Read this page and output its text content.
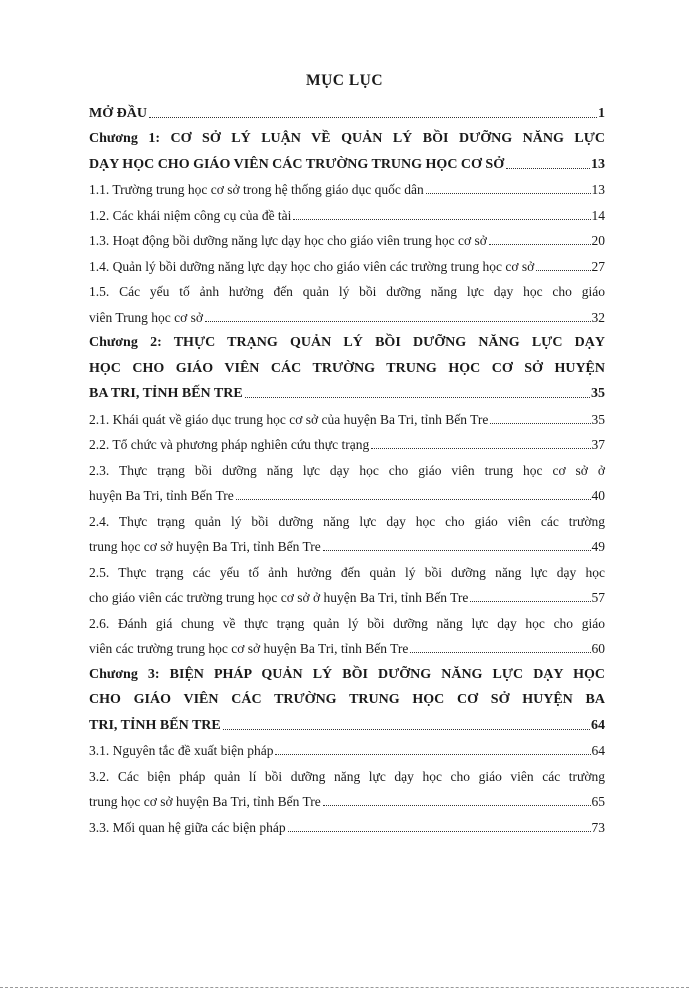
MỤC LỤC
MỞ ĐẦU	1
Chương 1: CƠ SỞ LÝ LUẬN VỀ QUẢN LÝ BỒI DƯỠNG NĂNG LỰC
DẠY HỌC CHO GIÁO VIÊN CÁC TRƯỜNG TRUNG HỌC CƠ SỞ	13
1.1. Trường trung học cơ sở trong hệ thống giáo dục quốc dân	13
1.2. Các khái niệm công cụ của đề tài	14
1.3. Hoạt động bồi dưỡng năng lực dạy học cho giáo viên trung học cơ sở	20
1.4. Quản lý bồi dưỡng năng lực dạy học cho giáo viên các trường trung học cơ sở	27
1.5. Các yếu tố ảnh hưởng đến quản lý bồi dưỡng năng lực dạy học cho giáo
viên Trung học cơ sở	32
Chương 2: THỰC TRẠNG QUẢN LÝ BỒI DƯỠNG NĂNG LỰC DẠY
HỌC CHO GIÁO VIÊN CÁC TRƯỜNG TRUNG HỌC CƠ SỞ HUYỆN
BA TRI, TỈNH BẾN TRE	35
2.1. Khái quát về giáo dục trung học cơ sở của huyện Ba Tri, tỉnh Bến Tre	35
2.2. Tổ chức và phương pháp nghiên cứu thực trạng	37
2.3. Thực trạng bồi dưỡng năng lực dạy học cho giáo viên trung học cơ sở ở
huyện Ba Tri, tỉnh Bến Tre	40
2.4. Thực trạng quản lý bồi dưỡng năng lực dạy học cho giáo viên các trường
trung học cơ sở huyện Ba Tri, tỉnh Bến Tre	49
2.5. Thực trạng các yếu tố ảnh hưởng đến quản lý bồi dưỡng năng lực dạy học
cho giáo viên các trường trung học cơ sở ở huyện Ba Tri, tỉnh Bến Tre	57
2.6. Đánh giá chung về thực trạng quản lý bồi dưỡng năng lực dạy học cho giáo
viên các trường trung học cơ sở huyện Ba Tri, tỉnh Bến Tre	60
Chương 3: BIỆN PHÁP QUẢN LÝ BỒI DƯỠNG NĂNG LỰC DẠY HỌC
CHO GIÁO VIÊN CÁC TRƯỜNG TRUNG HỌC CƠ SỞ HUYỆN BA
TRI, TỈNH BẾN TRE	64
3.1. Nguyên tắc đề xuất biện pháp	64
3.2. Các biện pháp quản lí bồi dưỡng năng lực dạy học cho giáo viên các trường
trung học cơ sở huyện Ba Tri, tỉnh Bến Tre	65
3.3. Mối quan hệ giữa các biện pháp	73
